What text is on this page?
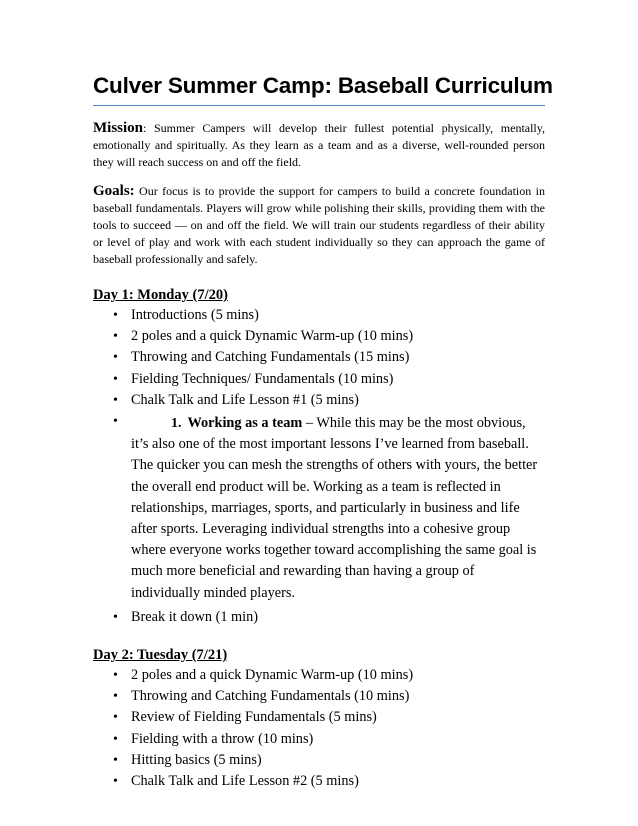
Culver Summer Camp: Baseball Curriculum

Mission: Summer Campers will develop their fullest potential physically, mentally, emotionally and spiritually. As they learn as a team and as a diverse, well-rounded person they will reach success on and off the field.

Goals: Our focus is to provide the support for campers to build a concrete foundation in baseball fundamentals. Players will grow while polishing their skills, providing them with the tools to succeed — on and off the field. We will train our students regardless of their ability or level of play and work with each student individually so they can approach the game of baseball professionally and safely.

Day 1: Monday (7/20)
• Introductions (5 mins)
• 2 poles and a quick Dynamic Warm-up (10 mins)
• Throwing and Catching Fundamentals (15 mins)
• Fielding Techniques/ Fundamentals (10 mins)
• Chalk Talk and Life Lesson #1 (5 mins)
•	1. Working as a team – While this may be the most obvious, it’s also one of the most important lessons I’ve learned from baseball. The quicker you can mesh the strengths of others with yours, the better the overall end product will be. Working as a team is reflected in relationships, marriages, sports, and particularly in business and life after sports. Leveraging individual strengths into a cohesive group where everyone works together toward accomplishing the same goal is much more beneficial and rewarding than having a group of individually minded players.
• Break it down (1 min)
Day 2: Tuesday (7/21)
• 2 poles and a quick Dynamic Warm-up (10 mins)
• Throwing and Catching Fundamentals (10 mins)
• Review of Fielding Fundamentals (5 mins)
• Fielding with a throw (10 mins)
• Hitting basics (5 mins)
• Chalk Talk and Life Lesson #2 (5 mins)
